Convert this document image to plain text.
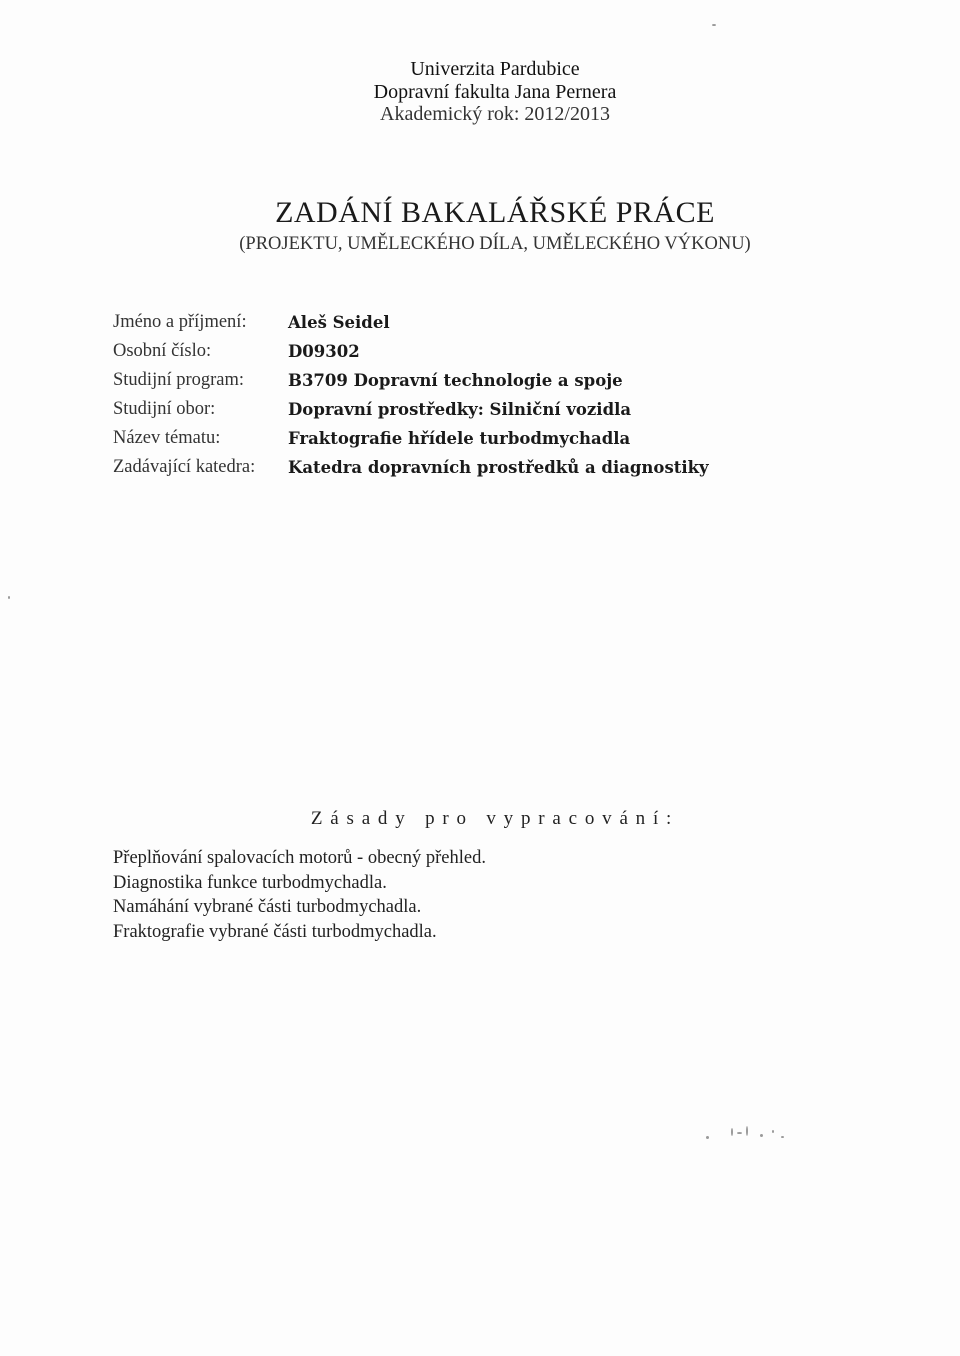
Univerzita Pardubice
Dopravní fakulta Jana Pernera
Akademický rok: 2012/2013
ZADÁNÍ BAKALÁŘSKÉ PRÁCE
(PROJEKTU, UMĚLECKÉHO DÍLA, UMĚLECKÉHO VÝKONU)
Jméno a příjmení:	Aleš Seidel
Osobní číslo:	D09302
Studijní program:	B3709 Dopravní technologie a spoje
Studijní obor:	Dopravní prostředky: Silniční vozidla
Název tématu:	Fraktografie hřídele turbodmychadla
Zadávající katedra:	Katedra dopravních prostředků a diagnostiky
Zásady pro vypracování:
Přeplňování spalovacích motorů - obecný přehled.
Diagnostika funkce turbodmychadla.
Namáhání vybrané části turbodmychadla.
Fraktografie vybrané části turbodmychadla.
